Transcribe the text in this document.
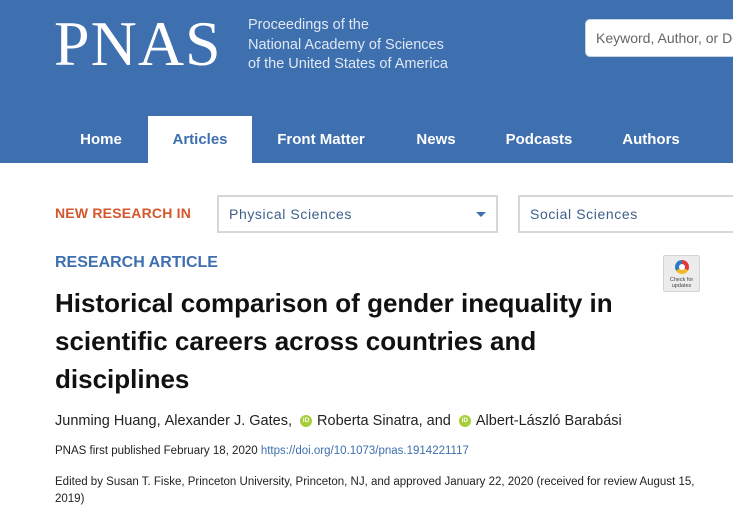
PNAS Proceedings of the
National Academy of Sciences
of the United States of America
Keyword, Author, or DOI
Home	Articles	Front Matter	News	Podcasts	Authors
NEW RESEARCH IN	Physical Sciences	Social Sciences
RESEARCH ARTICLE
Check for updates
Historical comparison of gender inequality in scientific careers across countries and disciplines
Junming Huang, Alexander J. Gates, iD Roberta Sinatra, and iD Albert-László Barabási
PNAS first published February 18, 2020 https://doi.org/10.1073/pnas.1914221117
Edited by Susan T. Fiske, Princeton University, Princeton, NJ, and approved January 22, 2020 (received for review August 15, 2019)
